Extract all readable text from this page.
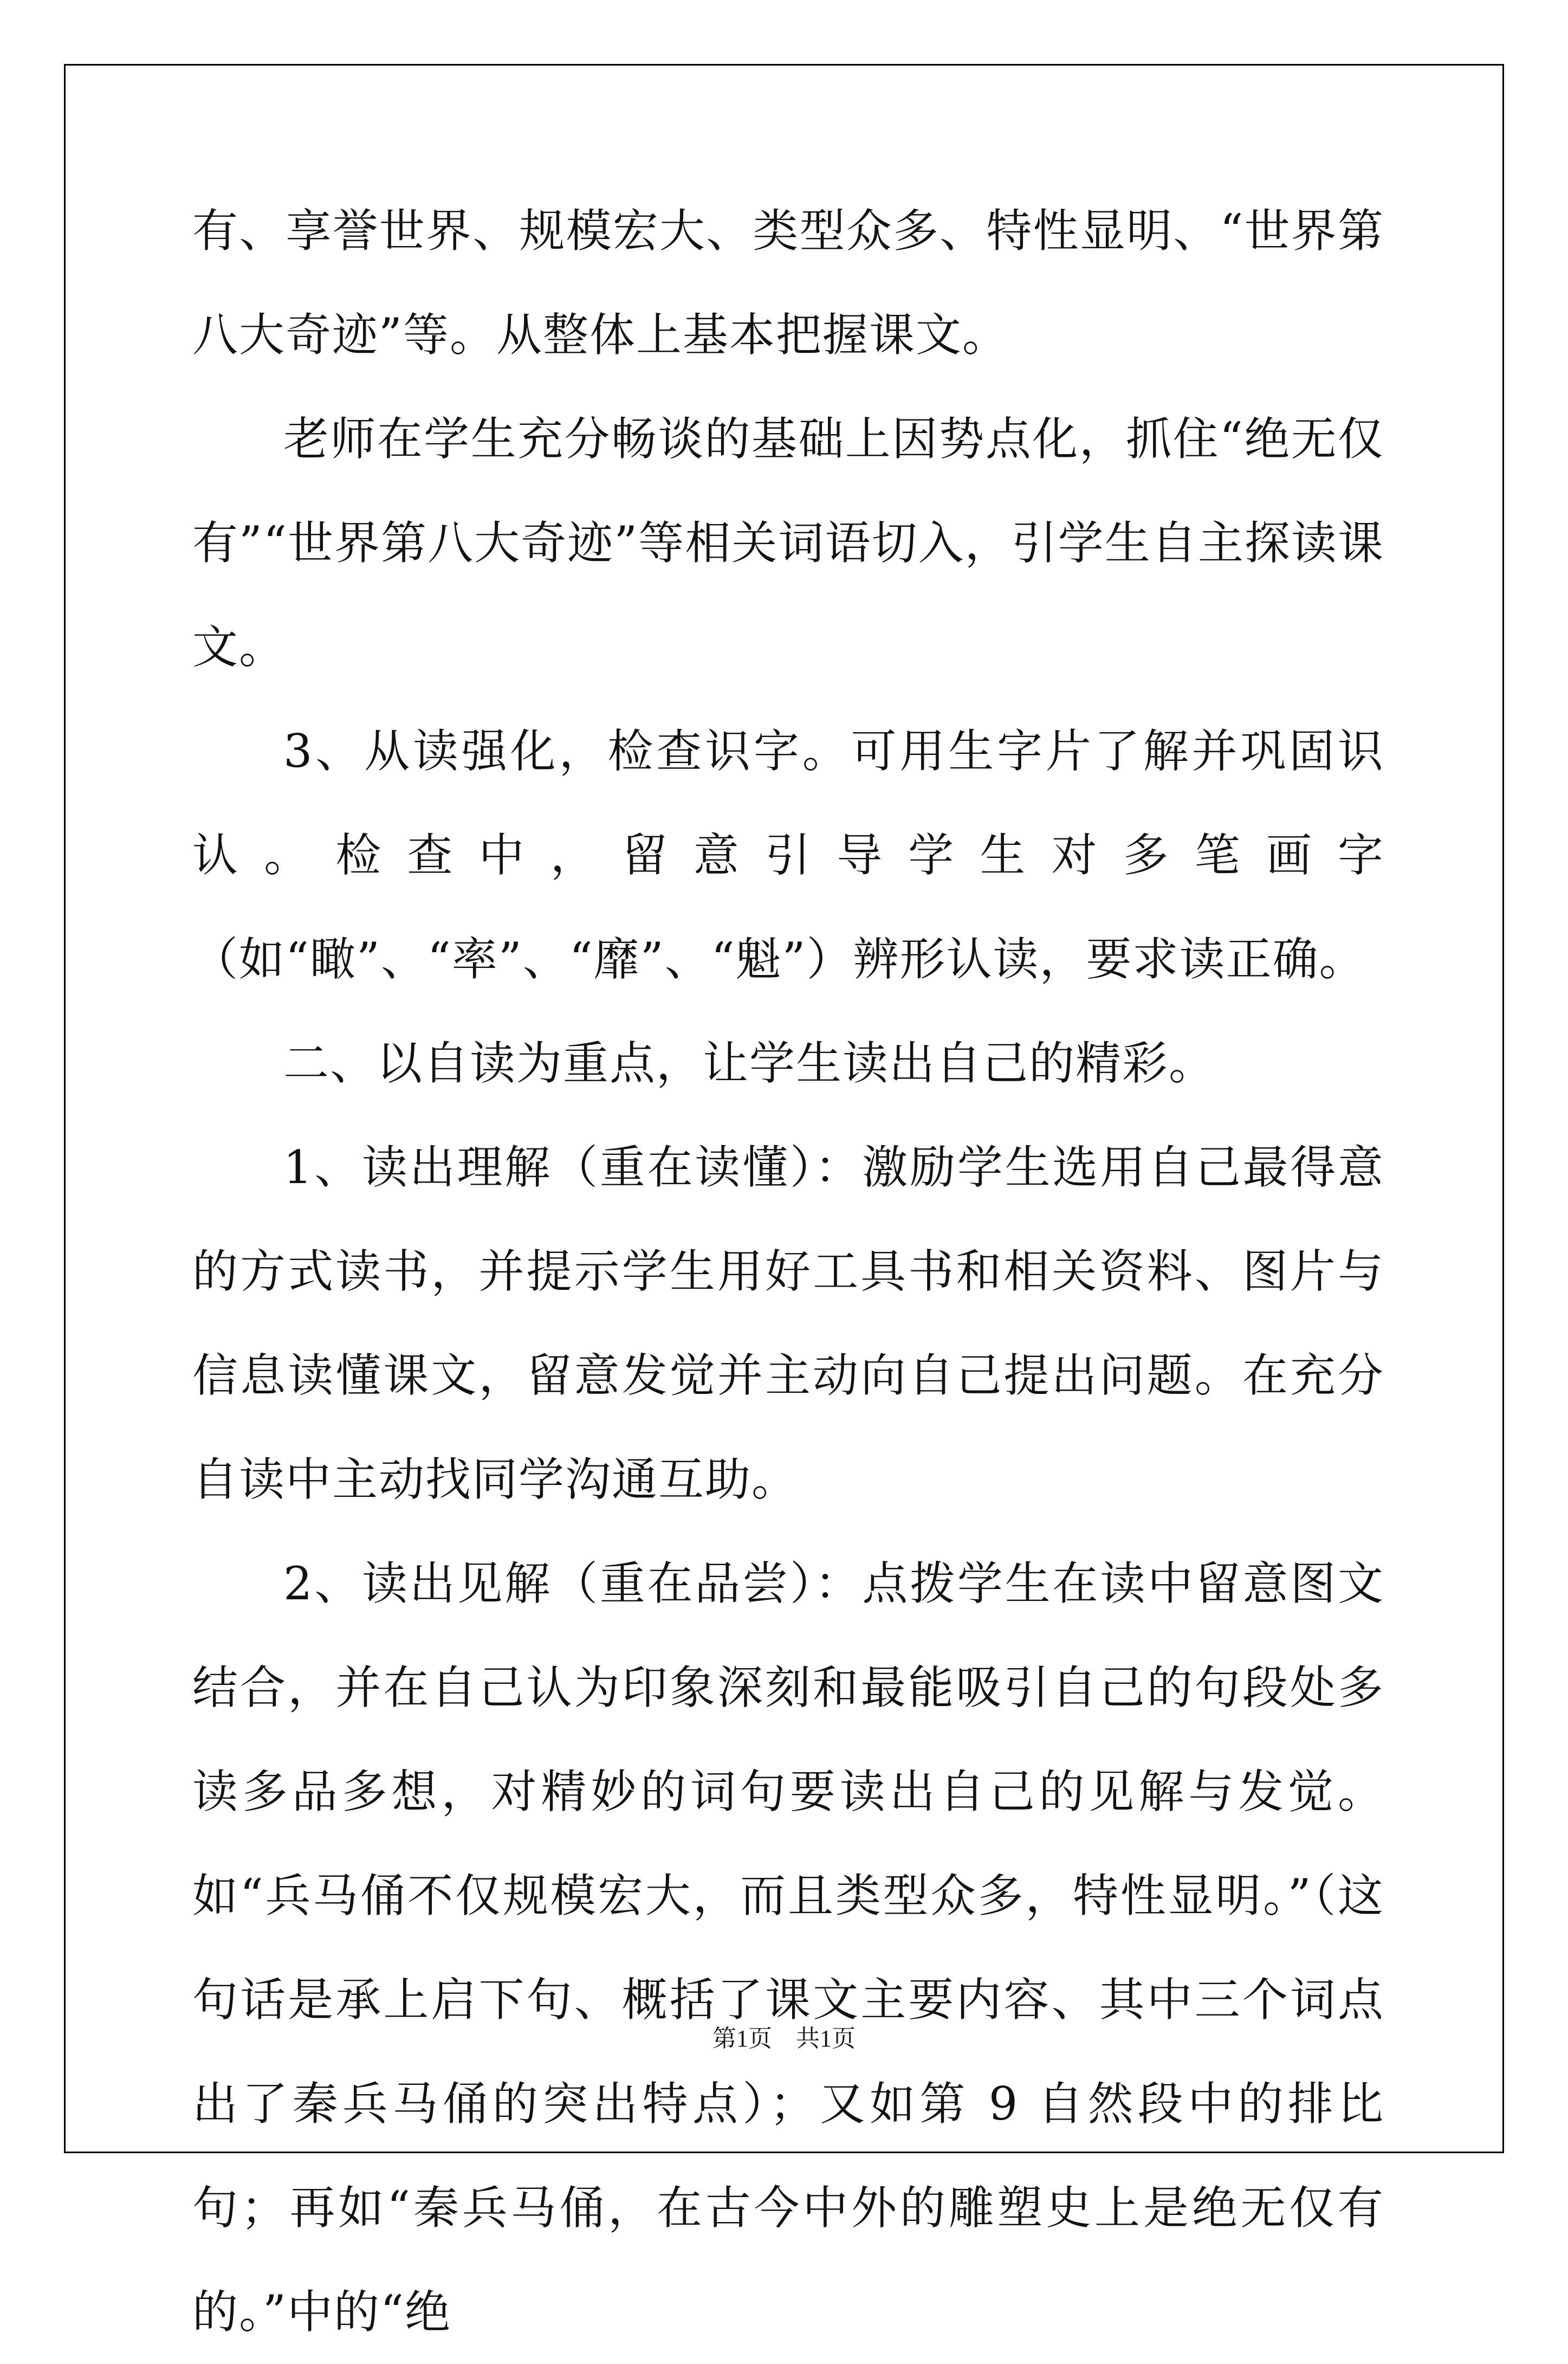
有、享誉世界、规模宏大、类型众多、特性显明、“世界第八大奇迹”等。从整体上基本把握课文。

老师在学生充分畅谈的基础上因势点化，抓住“绝无仅有”“世界第八大奇迹”等相关词语切入，引学生自主探读课文。

3、从读强化，检查识字。可用生字片了解并巩固识认。检查中，留意引导学生对多笔画字（如“瞰”、“率”、“靡”、“魁”）辨形认读，要求读正确。

二、以自读为重点，让学生读出自己的精彩。

1、读出理解（重在读懂）：激励学生选用自己最得意的方式读书，并提示学生用好工具书和相关资料、图片与信息读懂课文，留意发觉并主动向自己提出问题。在充分自读中主动找同学沟通互助。

2、读出见解（重在品尝）：点拨学生在读中留意图文结合，并在自己认为印象深刻和最能吸引自己的句段处多读多品多想，对精妙的词句要读出自己的见解与发觉。如“兵马俑不仅规模宏大，而且类型众多，特性显明。”（这句话是承上启下句、概括了课文主要内容、其中三个词点出了秦兵马俑的突出特点）；又如第 9 自然段中的排比句；再如“秦兵马俑，在古今中外的雕塑史上是绝无仅有的。”中的“绝

第1页　共1页
